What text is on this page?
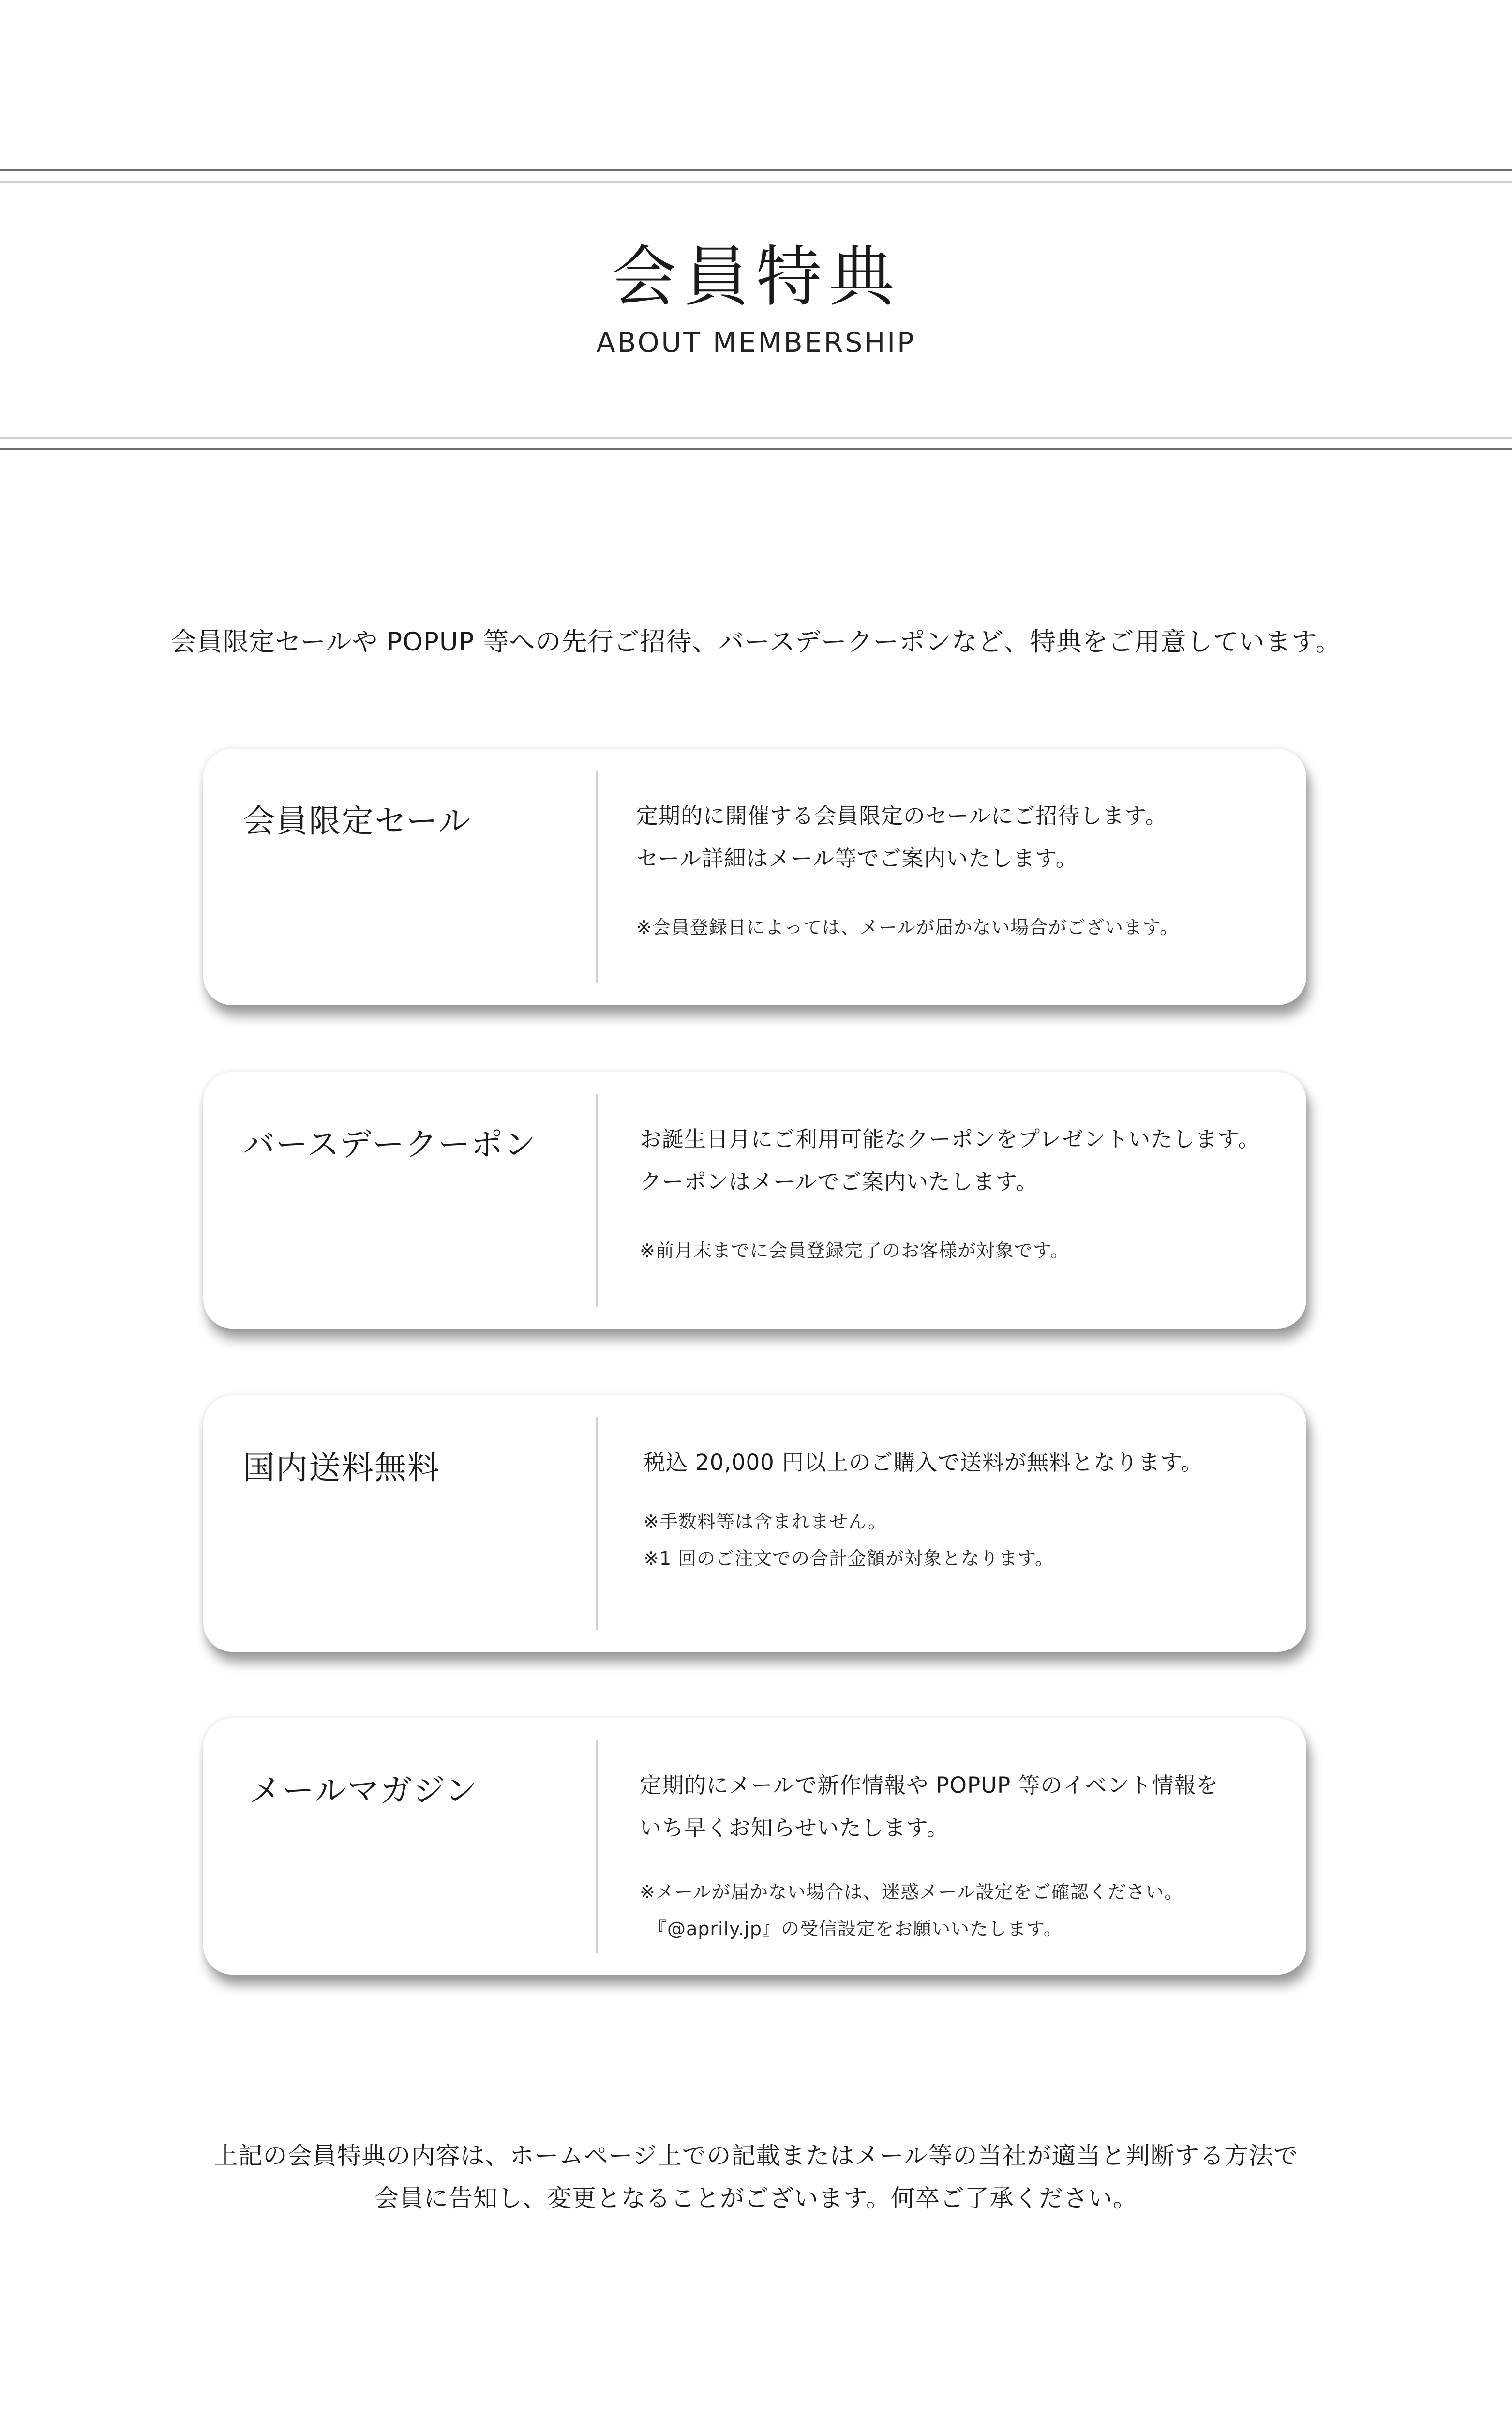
会員特典
ABOUT MEMBERSHIP

会員限定セールや POPUP 等への先行ご招待、バースデークーポンなど、特典をご用意しています。

会員限定セール	定期的に開催する会員限定のセールにご招待します。
セール詳細はメール等でご案内いたします。
※会員登録日によっては、メールが届かない場合がございます。
バースデークーポン	お誕生日月にご利用可能なクーポンをプレゼントいたします。
クーポンはメールでご案内いたします。
※前月末までに会員登録完了のお客様が対象です。
国内送料無料	税込 20,000 円以上のご購入で送料が無料となります。
※手数料等は含まれません。
※1 回のご注文での合計金額が対象となります。
メールマガジン	定期的にメールで新作情報や POPUP 等のイベント情報を
いち早くお知らせいたします。
※メールが届かない場合は、迷惑メール設定をご確認ください。
『@aprily.jp』の受信設定をお願いいたします。
上記の会員特典の内容は、ホームページ上での記載またはメール等の当社が適当と判断する方法で
会員に告知し、変更となることがございます。何卒ご了承ください。
